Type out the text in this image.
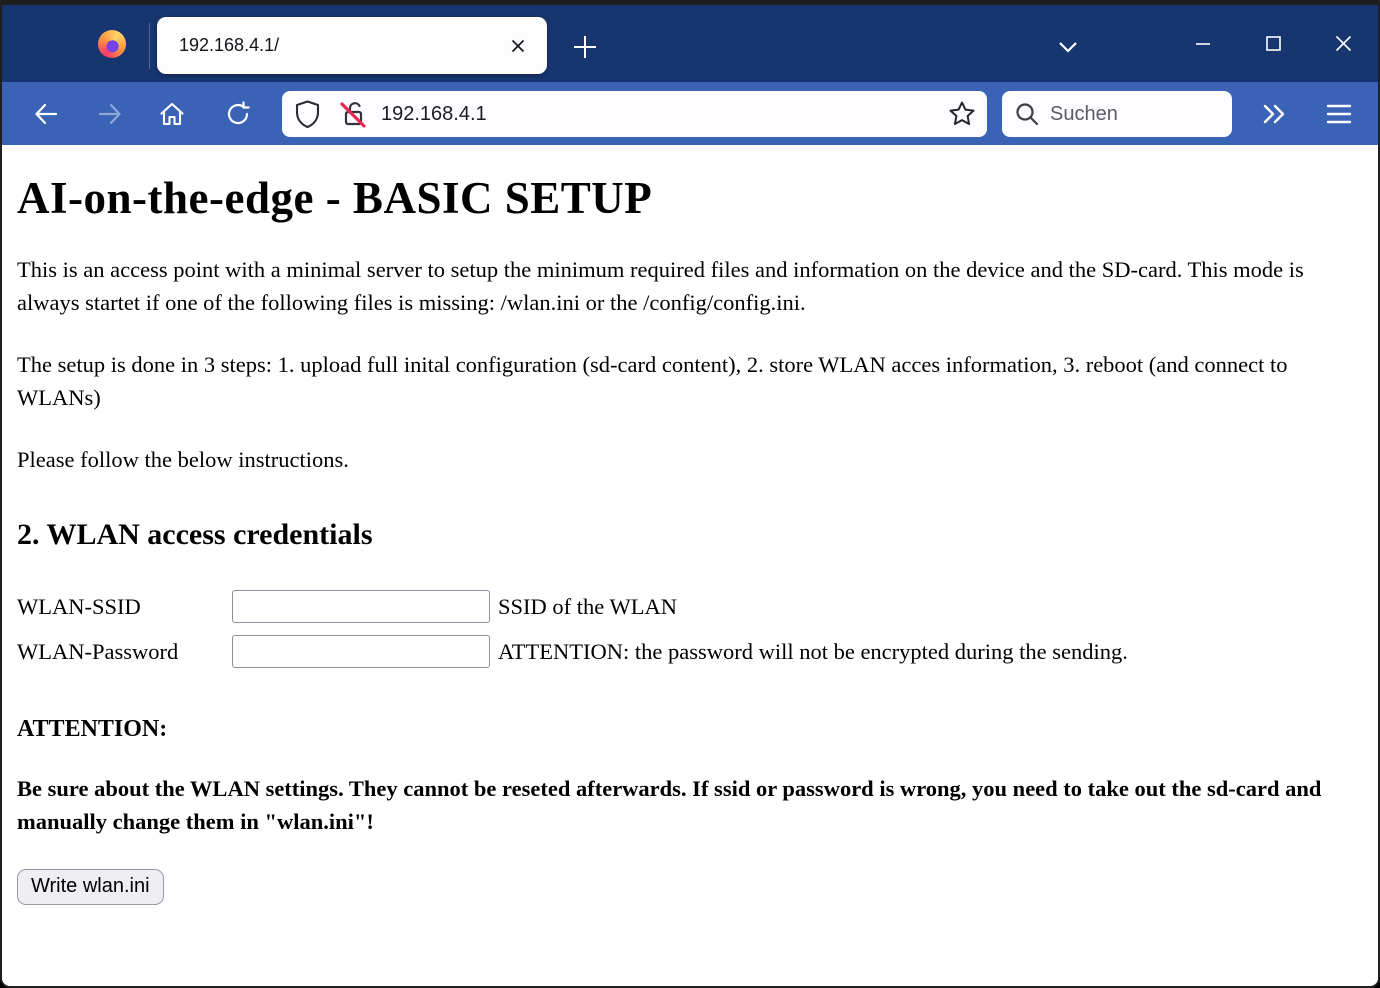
192.168.4.1/
192.168.4.1
Suchen
AI-on-the-edge - BASIC SETUP

This is an access point with a minimal server to setup the minimum required files and information on the device and the SD-card. This mode is always startet if one of the following files is missing: /wlan.ini or the /config/config.ini.

The setup is done in 3 steps: 1. upload full inital configuration (sd-card content), 2. store WLAN acces information, 3. reboot (and connect to WLANs)

Please follow the below instructions.

2. WLAN access credentials
WLAN-SSID	SSID of the WLAN
WLAN-Password	ATTENTION: the password will not be encrypted during the sending.
ATTENTION:

Be sure about the WLAN settings. They cannot be reseted afterwards. If ssid or password is wrong, you need to take out the sd-card and manually change them in "wlan.ini"!

Write wlan.ini
